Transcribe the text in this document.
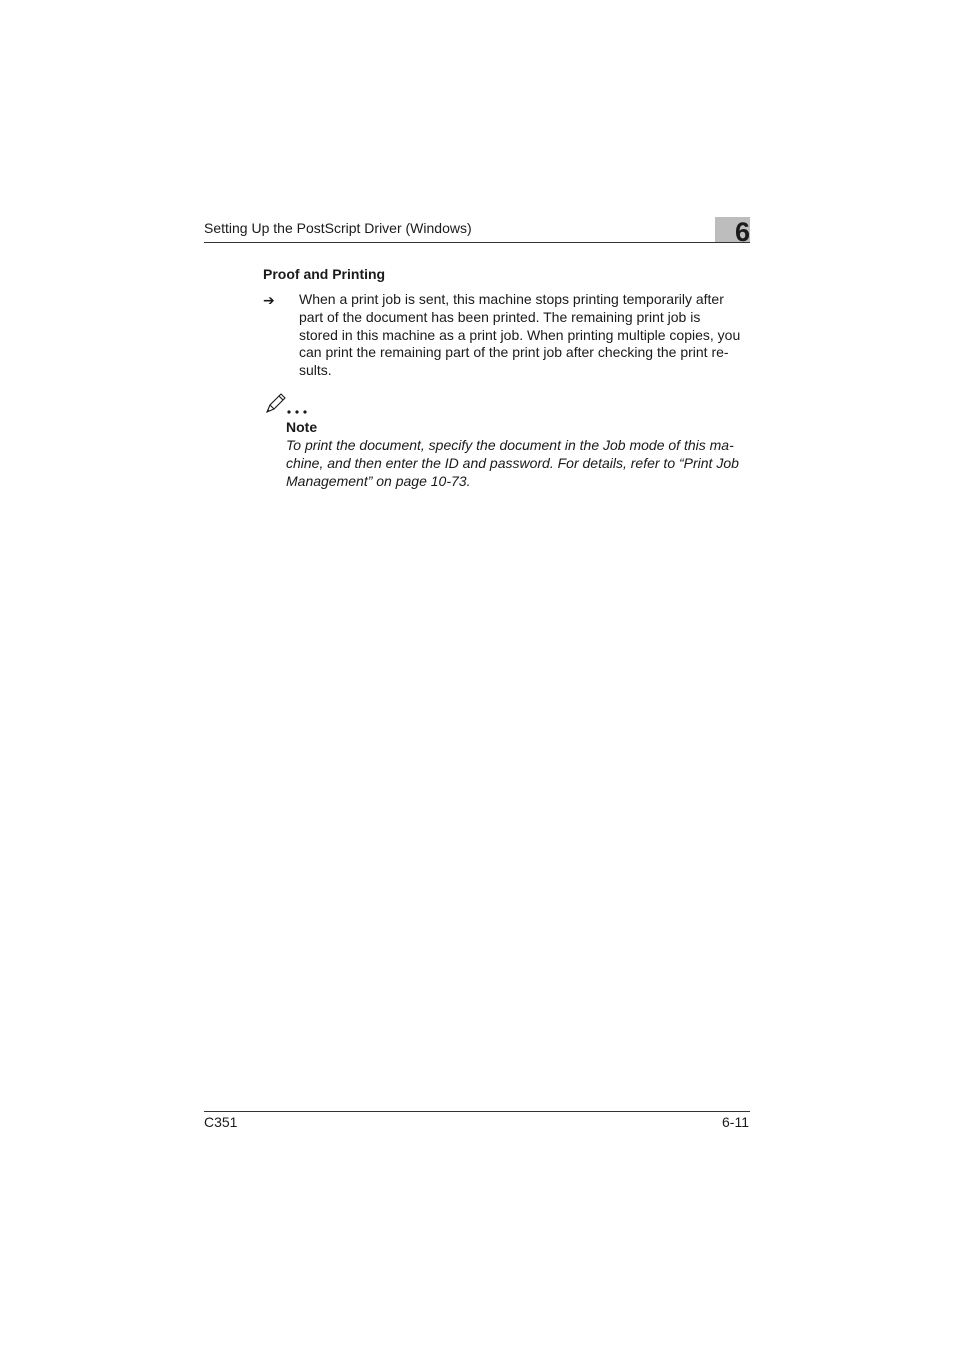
Setting Up the PostScript Driver (Windows)	6
Proof and Printing
➔ When a print job is sent, this machine stops printing temporarily after
part of the document has been printed. The remaining print job is
stored in this machine as a print job. When printing multiple copies, you
can print the remaining part of the print job after checking the print re-
sults.
Note
To print the document, specify the document in the Job mode of this ma-
chine, and then enter the ID and password. For details, refer to “Print Job
Management” on page 10-73.
C351	6-11
